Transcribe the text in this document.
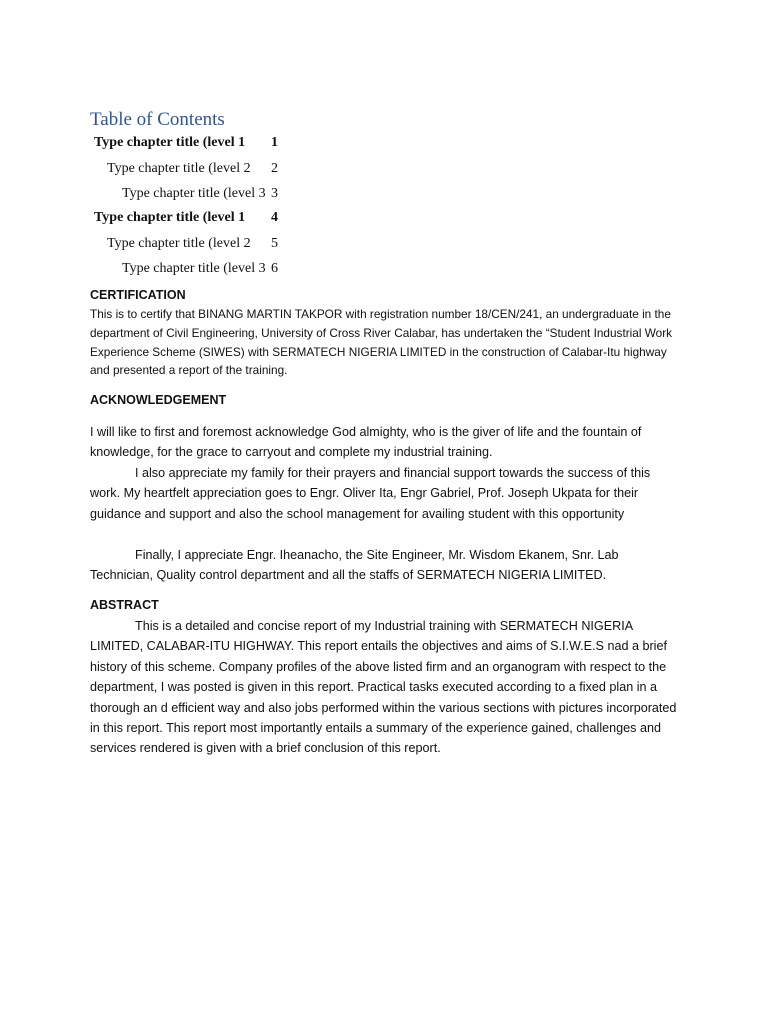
Table of Contents
Type chapter title (level 1 1
Type chapter title (level 2 2
Type chapter title (level 3 3
Type chapter title (level 1 4
Type chapter title (level 2 5
Type chapter title (level 3 6
CERTIFICATION

This is to certify that BINANG MARTIN TAKPOR with registration number 18/CEN/241, an undergraduate in the department of Civil Engineering, University of Cross River Calabar, has undertaken the “Student Industrial Work Experience Scheme (SIWES) with SERMATECH NIGERIA LIMITED in the construction of Calabar-Itu highway and presented a report of the training.

ACKNOWLEDGEMENT

I will like to first and foremost acknowledge God almighty, who is the giver of life and the fountain of knowledge, for the grace to carryout and complete my industrial training.

I also appreciate my family for their prayers and financial support towards the success of this work. My heartfelt appreciation goes to Engr. Oliver Ita, Engr Gabriel, Prof. Joseph Ukpata for their guidance and support and also the school management for availing student with this opportunity

Finally, I appreciate Engr. Iheanacho, the Site Engineer, Mr. Wisdom Ekanem, Snr. Lab Technician, Quality control department and all the staffs of SERMATECH NIGERIA LIMITED.

ABSTRACT

This is a detailed and concise report of my Industrial training with SERMATECH NIGERIA LIMITED, CALABAR-ITU HIGHWAY. This report entails the objectives and aims of S.I.W.E.S nad a brief history of this scheme. Company profiles of the above listed firm and an organogram with respect to the department, I was posted is given in this report. Practical tasks executed according to a fixed plan in a thorough an d efficient way and also jobs performed within the various sections with pictures incorporated in this report. This report most importantly entails a summary of the experience gained, challenges and services rendered is given with a brief conclusion of this report.
